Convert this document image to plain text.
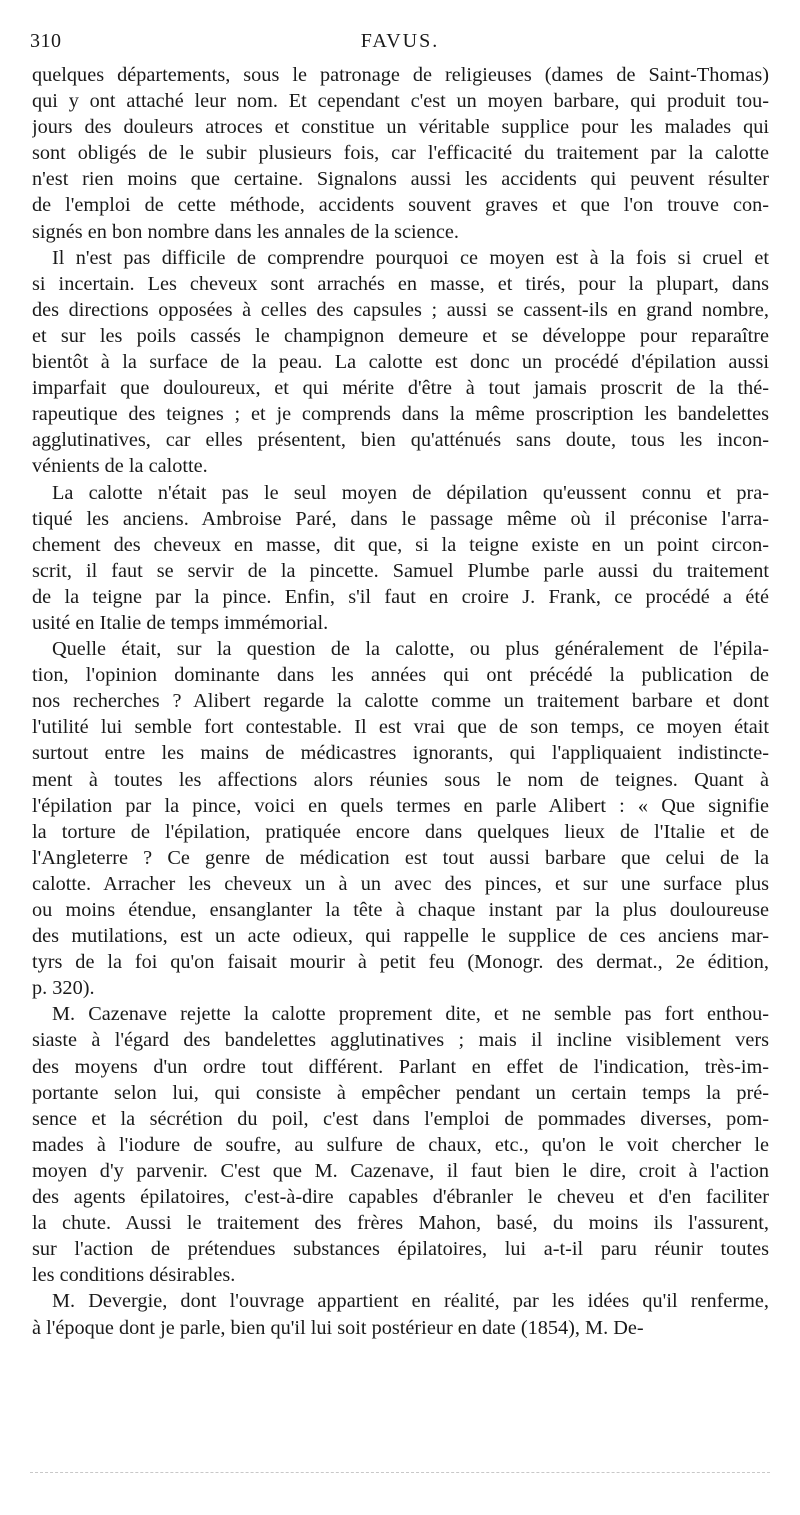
310	FAVUS.
quelques départements, sous le patronage de religieuses (dames de Saint-Thomas)
qui y ont attaché leur nom. Et cependant c'est un moyen barbare, qui produit tou-
jours des douleurs atroces et constitue un véritable supplice pour les malades qui
sont obligés de le subir plusieurs fois, car l'efficacité du traitement par la calotte
n'est rien moins que certaine. Signalons aussi les accidents qui peuvent résulter
de l'emploi de cette méthode, accidents souvent graves et que l'on trouve con-
signés en bon nombre dans les annales de la science.
Il n'est pas difficile de comprendre pourquoi ce moyen est à la fois si cruel et
si incertain. Les cheveux sont arrachés en masse, et tirés, pour la plupart, dans
des directions opposées à celles des capsules ; aussi se cassent-ils en grand nombre,
et sur les poils cassés le champignon demeure et se développe pour reparaître
bientôt à la surface de la peau. La calotte est donc un procédé d'épilation aussi
imparfait que douloureux, et qui mérite d'être à tout jamais proscrit de la thé-
rapeutique des teignes ; et je comprends dans la même proscription les bandelettes
agglutinatives, car elles présentent, bien qu'atténués sans doute, tous les incon-
vénients de la calotte.
La calotte n'était pas le seul moyen de dépilation qu'eussent connu et pra-
tiqué les anciens. Ambroise Paré, dans le passage même où il préconise l'arra-
chement des cheveux en masse, dit que, si la teigne existe en un point circon-
scrit, il faut se servir de la pincette. Samuel Plumbe parle aussi du traitement
de la teigne par la pince. Enfin, s'il faut en croire J. Frank, ce procédé a été
usité en Italie de temps immémorial.
Quelle était, sur la question de la calotte, ou plus généralement de l'épila-
tion, l'opinion dominante dans les années qui ont précédé la publication de
nos recherches ? Alibert regarde la calotte comme un traitement barbare et dont
l'utilité lui semble fort contestable. Il est vrai que de son temps, ce moyen était
surtout entre les mains de médicastres ignorants, qui l'appliquaient indistincte-
ment à toutes les affections alors réunies sous le nom de teignes. Quant à
l'épilation par la pince, voici en quels termes en parle Alibert : « Que signifie
la torture de l'épilation, pratiquée encore dans quelques lieux de l'Italie et de
l'Angleterre ? Ce genre de médication est tout aussi barbare que celui de la
calotte. Arracher les cheveux un à un avec des pinces, et sur une surface plus
ou moins étendue, ensanglanter la tête à chaque instant par la plus douloureuse
des mutilations, est un acte odieux, qui rappelle le supplice de ces anciens mar-
tyrs de la foi qu'on faisait mourir à petit feu (Monogr. des dermat., 2e édition,
p. 320).
M. Cazenave rejette la calotte proprement dite, et ne semble pas fort enthou-
siaste à l'égard des bandelettes agglutinatives ; mais il incline visiblement vers
des moyens d'un ordre tout différent. Parlant en effet de l'indication, très-im-
portante selon lui, qui consiste à empêcher pendant un certain temps la pré-
sence et la sécrétion du poil, c'est dans l'emploi de pommades diverses, pom-
mades à l'iodure de soufre, au sulfure de chaux, etc., qu'on le voit chercher le
moyen d'y parvenir. C'est que M. Cazenave, il faut bien le dire, croit à l'action
des agents épilatoires, c'est-à-dire capables d'ébranler le cheveu et d'en faciliter
la chute. Aussi le traitement des frères Mahon, basé, du moins ils l'assurent,
sur l'action de prétendues substances épilatoires, lui a-t-il paru réunir toutes
les conditions désirables.
M. Devergie, dont l'ouvrage appartient en réalité, par les idées qu'il renferme,
à l'époque dont je parle, bien qu'il lui soit postérieur en date (1854), M. De-
